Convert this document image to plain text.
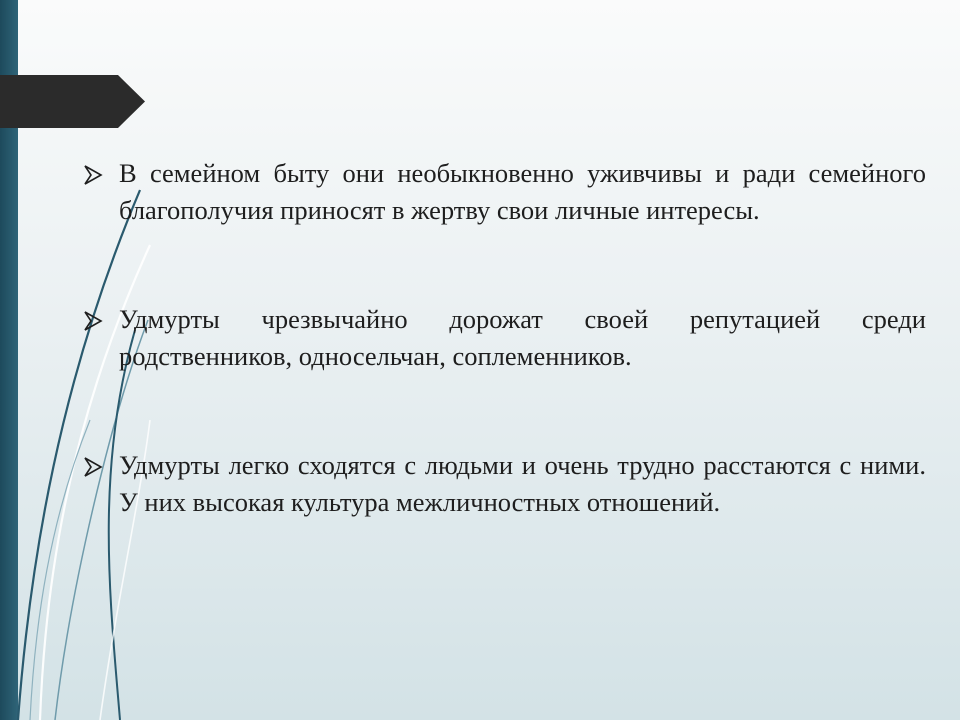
В семейном быту они необыкновенно уживчивы и ради семейного благополучия приносят в жертву свои личные интересы.
Удмурты чрезвычайно дорожат своей репутацией среди родственников, односельчан, соплеменников.
Удмурты легко сходятся с людьми и очень трудно расстаются с ними. У них высокая культура межличностных отношений.
